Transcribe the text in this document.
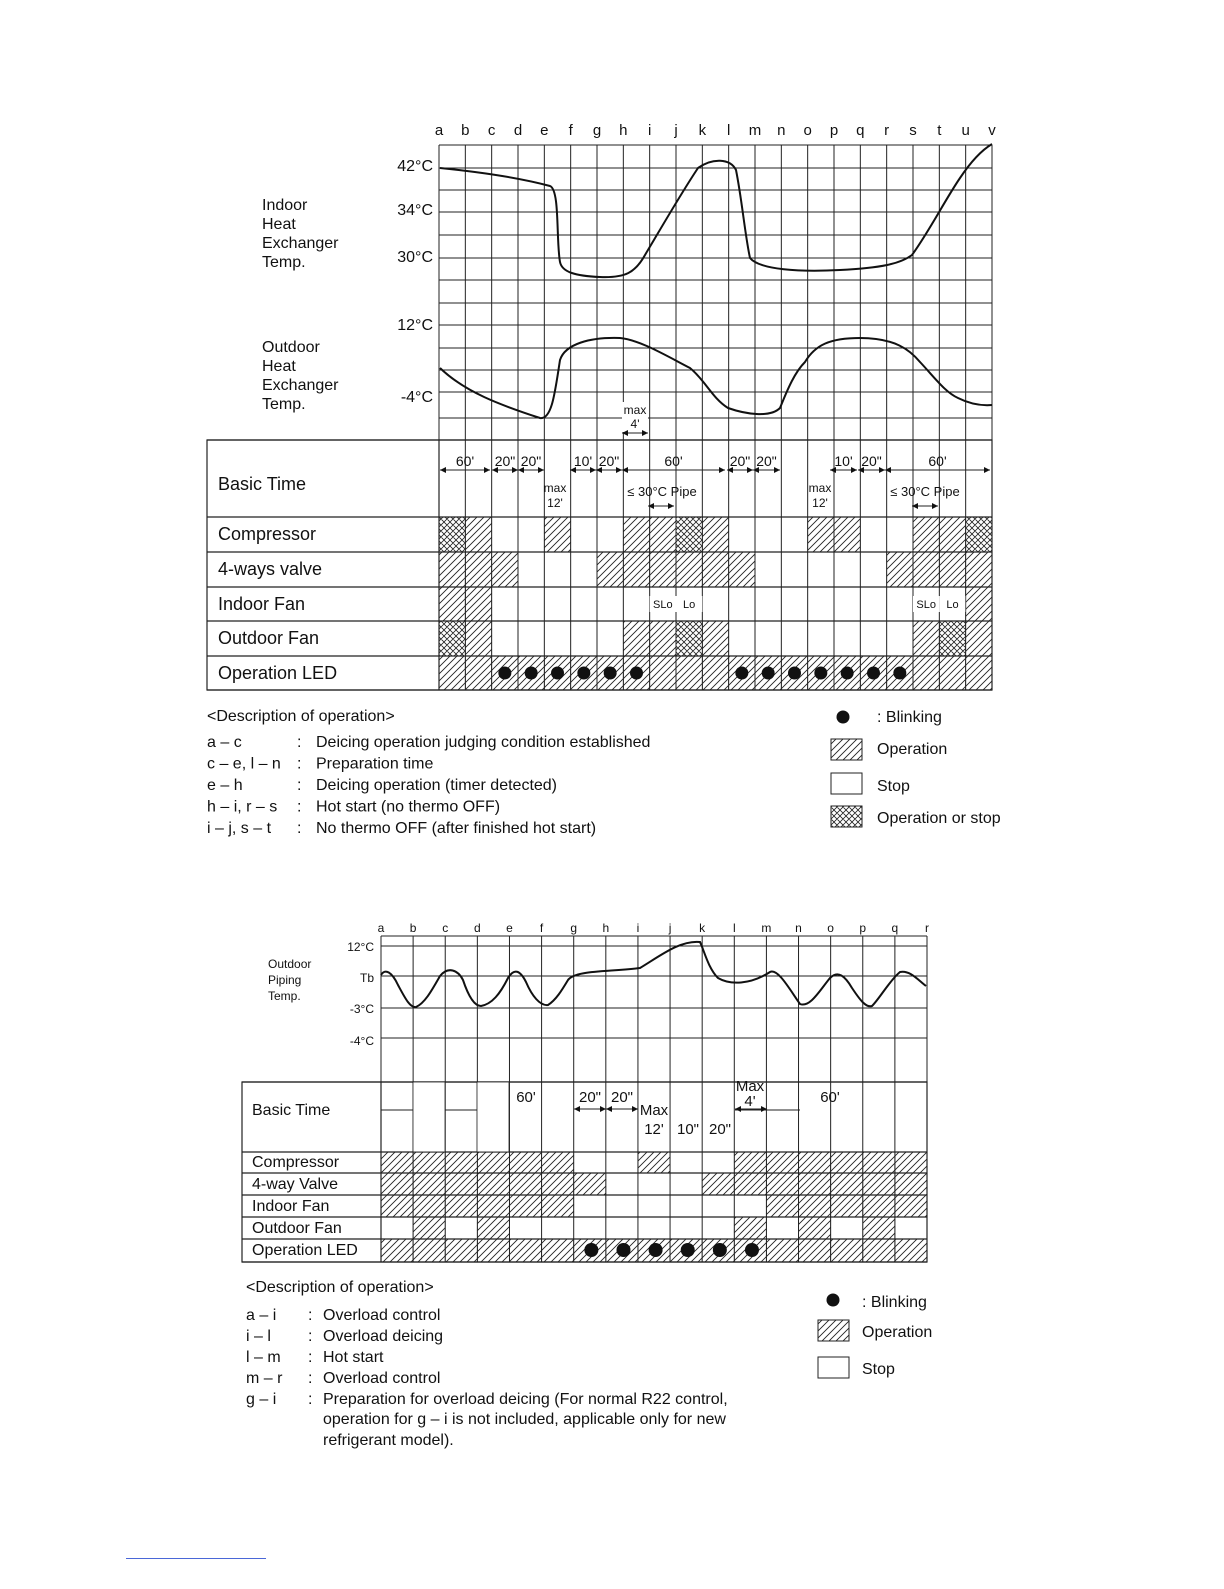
SLo Lo	SLo Lo
a b c d e f g h i j k l m n o p q r s t u v
Indoor
Heat
Exchanger
Temp.
Outdoor
Heat
Exchanger
Temp.
42°C
34°C
30°C
12°C
-4°C
Basic Time
Compressor
4-ways valve
Indoor Fan
Outdoor Fan
Operation LED
60' 20" 20" 10' 20"	60'	20" 20"	10' 20"	60'
max
12'
max
12'
≤ 30°C Pipe	≤ 30°C Pipe
max
4'
<Description of operation>
a – c	: Deicing operation judging condition established
c – e, l – n : Preparation time
e – h	: Deicing operation (timer detected)
h – i, r – s : Hot start (no thermo OFF)
i – j, s – t : No thermo OFF (after finished hot start)
: Blinking
Operation
Stop
Operation or stop
a b c d e f g h i j k l m n o p q r
Outdoor
Piping
Temp.
12°C
Tb
-3°C
-4°C
Basic Time
Compressor
4-way Valve
Indoor Fan
Outdoor Fan
Operation LED
60'	20" 20"
Max
12' 10" 20"
Max
4'	60'
<Description of operation>
a – i : Overload control
i – l : Overload deicing
l – m : Hot start
m – r : Overload control
g – i : Preparation for overload deicing (For normal R22 control,
operation for g – i is not included, applicable only for new
refrigerant model).
: Blinking
Operation
Stop
